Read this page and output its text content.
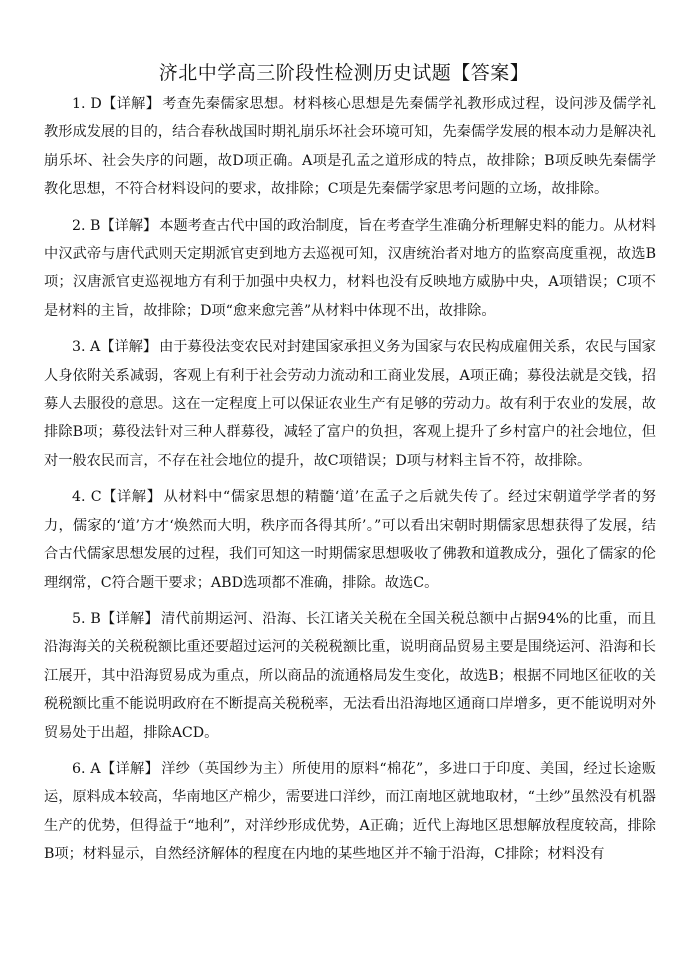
济北中学高三阶段性检测历史试题【答案】

1. D【详解】 考查先秦儒家思想。材料核心思想是先秦儒学礼教形成过程，设问涉及儒学礼教形成发展的目的，结合春秋战国时期礼崩乐坏社会环境可知，先秦儒学发展的根本动力是解决礼崩乐坏、社会失序的问题，故D项正确。A项是孔孟之道形成的特点，故排除；B项反映先秦儒学教化思想，不符合材料设问的要求，故排除；C项是先秦儒学家思考问题的立场，故排除。

2. B【详解】 本题考查古代中国的政治制度，旨在考查学生准确分析理解史料的能力。从材料中汉武帝与唐代武则天定期派官吏到地方去巡视可知，汉唐统治者对地方的监察高度重视，故选B项；汉唐派官吏巡视地方有利于加强中央权力，材料也没有反映地方威胁中央，A项错误；C项不是材料的主旨，故排除；D项“愈来愈完善”从材料中体现不出，故排除。

3. A【详解】 由于募役法变农民对封建国家承担义务为国家与农民构成雇佣关系，农民与国家人身依附关系减弱，客观上有利于社会劳动力流动和工商业发展，A项正确；募役法就是交钱，招募人去服役的意思。这在一定程度上可以保证农业生产有足够的劳动力。故有利于农业的发展，故排除B项；募役法针对三种人群募役，减轻了富户的负担，客观上提升了乡村富户的社会地位，但对一般农民而言，不存在社会地位的提升，故C项错误；D项与材料主旨不符，故排除。

4. C【详解】 从材料中“儒家思想的精髓‘道’在孟子之后就失传了。经过宋朝道学学者的努力，儒家的‘道’方才‘焕然而大明，秩序而各得其所’。”可以看出宋朝时期儒家思想获得了发展，结合古代儒家思想发展的过程，我们可知这一时期儒家思想吸收了佛教和道教成分，强化了儒家的伦理纲常，C符合题干要求；ABD选项都不准确，排除。故选C。

5. B【详解】 清代前期运河、沿海、长江诸关关税在全国关税总额中占据94%的比重，而且沿海海关的关税税额比重还要超过运河的关税税额比重，说明商品贸易主要是围绕运河、沿海和长江展开，其中沿海贸易成为重点，所以商品的流通格局发生变化，故选B；根据不同地区征收的关税税额比重不能说明政府在不断提高关税税率，无法看出沿海地区通商口岸增多，更不能说明对外贸易处于出超，排除ACD。

6. A【详解】 洋纱（英国纱为主）所使用的原料“棉花”，多进口于印度、美国，经过长途贩运，原料成本较高，华南地区产棉少，需要进口洋纱，而江南地区就地取材，“土纱”虽然没有机器生产的优势，但得益于“地利”，对洋纱形成优势，A正确；近代上海地区思想解放程度较高，排除B项；材料显示，自然经济解体的程度在内地的某些地区并不输于沿海，C排除；材料没有
